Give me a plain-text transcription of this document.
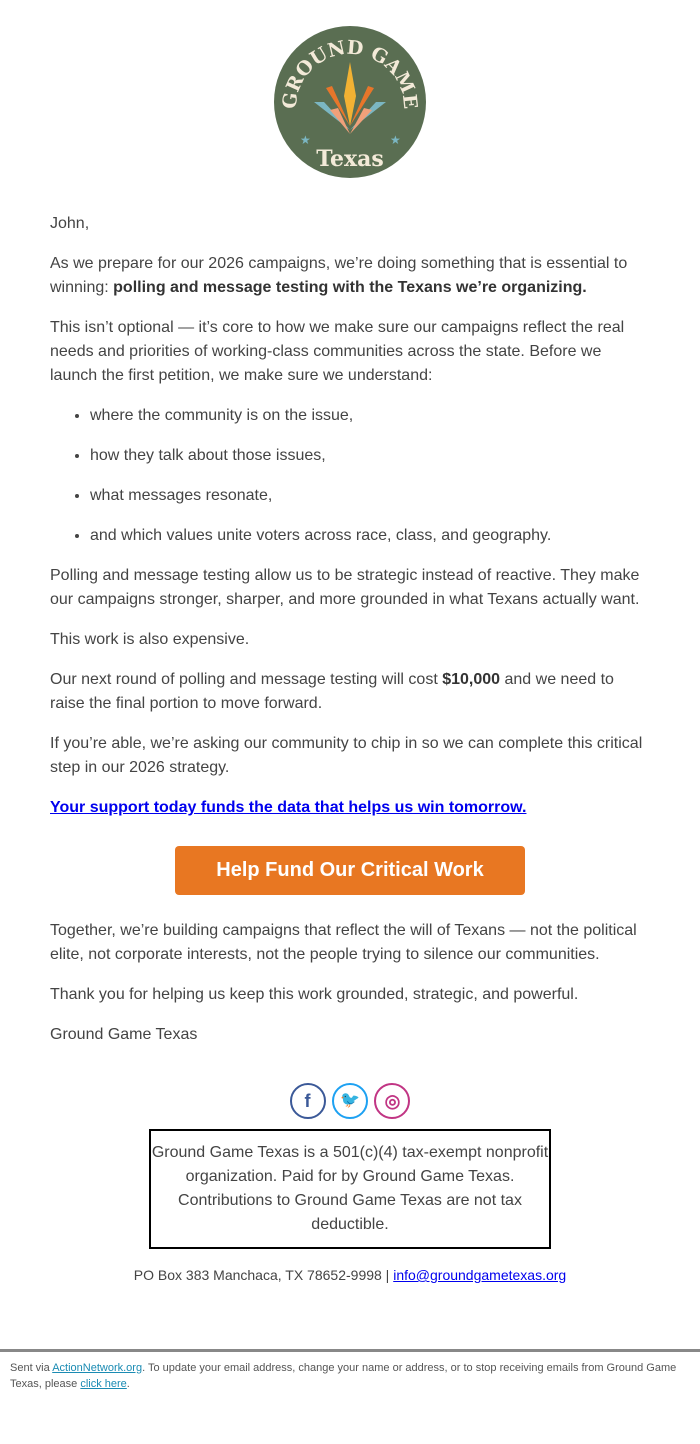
GROUND GAME
Texas
★	★

John,

As we prepare for our 2026 campaigns, we’re doing something that is essential to winning: polling and message testing with the Texans we’re organizing.

This isn’t optional — it’s core to how we make sure our campaigns reflect the real needs and priorities of working-class communities across the state. Before we launch the first petition, we make sure we understand:

• where the community is on the issue,
• how they talk about those issues,
• what messages resonate,
• and which values unite voters across race, class, and geography.

Polling and message testing allow us to be strategic instead of reactive. They make our campaigns stronger, sharper, and more grounded in what Texans actually want.

This work is also expensive.

Our next round of polling and message testing will cost $10,000 and we need to raise the final portion to move forward.

If you’re able, we’re asking our community to chip in so we can complete this critical step in our 2026 strategy.

Your support today funds the data that helps us win tomorrow.

Help Fund Our Critical Work

Together, we’re building campaigns that reflect the will of Texans — not the political elite, not corporate interests, not the people trying to silence our communities.

Thank you for helping us keep this work grounded, strategic, and powerful.

Ground Game Texas

f 🐦 ◎
Ground Game Texas is a 501(c)(4) tax-exempt nonprofit organization. Paid for by Ground Game Texas. Contributions to Ground Game Texas are not tax deductible.
PO Box 383 Manchaca, TX 78652-9998 | info@groundgametexas.org
Sent via ActionNetwork.org. To update your email address, change your name or address, or to stop receiving emails from Ground Game Texas, please click here.
